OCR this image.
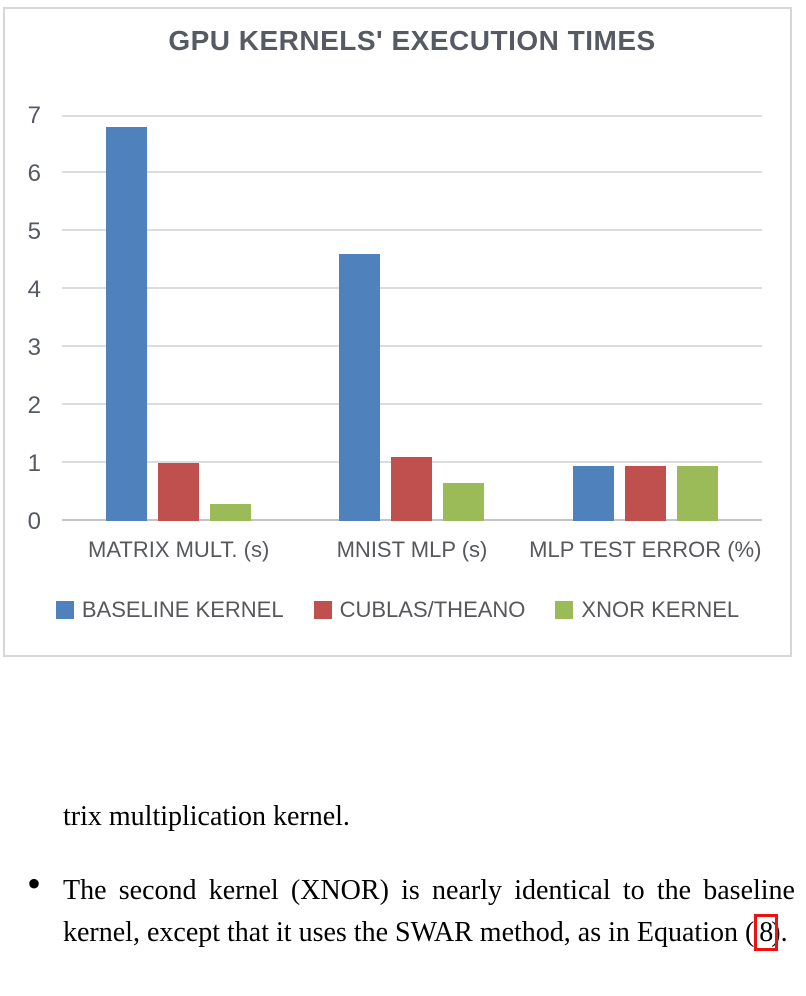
GPU KERNELS' EXECUTION TIMES
0
1
2
3
4
5
6
7
MATRIX MULT. (s)	MNIST MLP (s)	MLP TEST ERROR (%)
BASELINE KERNEL	CUBLAS/THEANO	XNOR KERNEL

trix multiplication kernel.

• The second kernel (XNOR) is nearly identical to the baseline kernel, except that it uses the SWAR method, as in Equation ( 8).
